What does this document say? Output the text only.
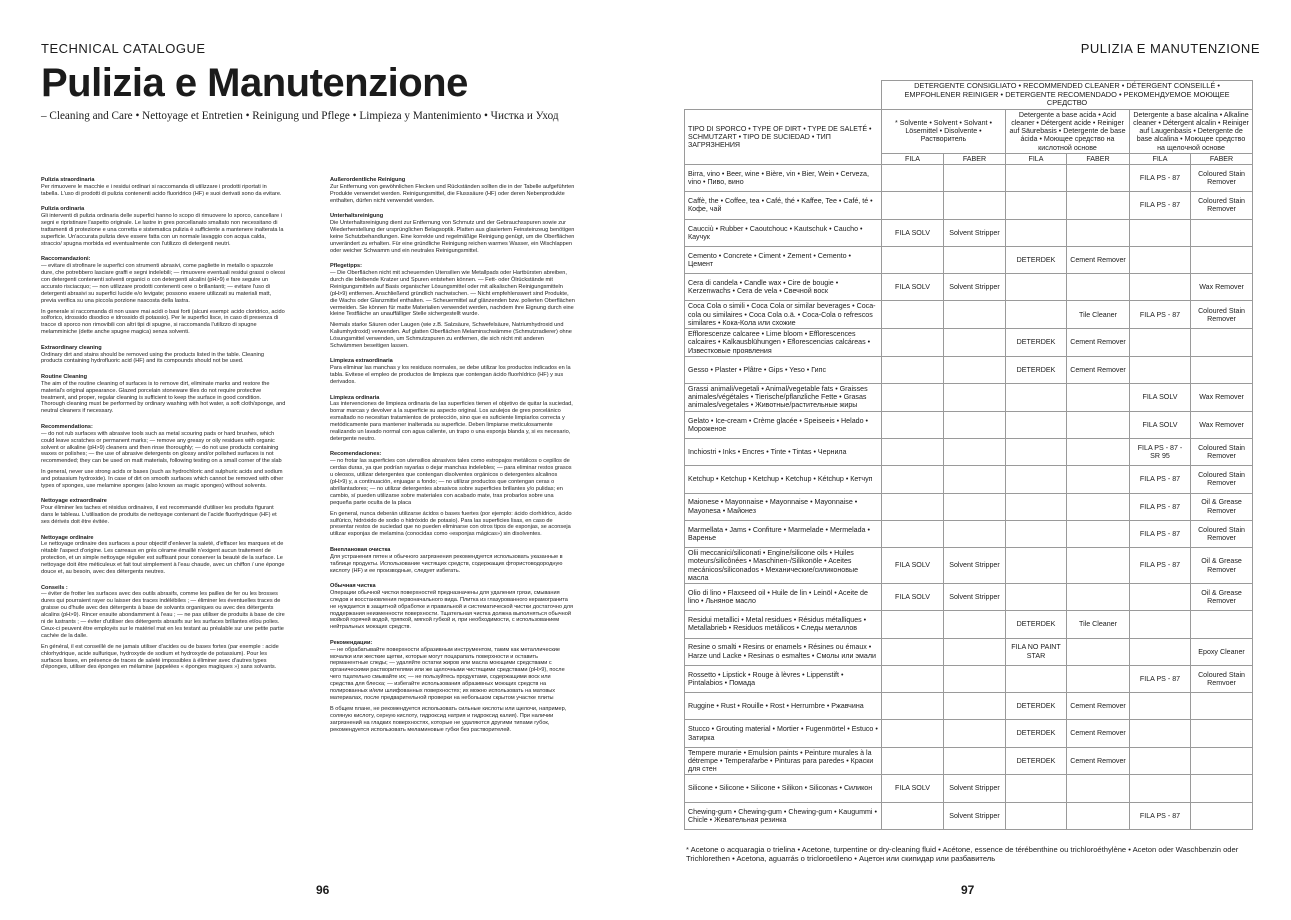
TECHNICAL CATALOGUE	PULIZIA E MANUTENZIONE
Pulizia e Manutenzione
– Cleaning and Care • Nettoyage et Entretien • Reinigung und Pflege • Limpieza y Mantenimiento • Чистка и Уход
Pulizia straordinaria

Per rimuovere le macchie e i residui ordinari si raccomanda di utilizzare i prodotti riportati in tabella. L'uso di prodotti di pulizia contenenti acido fluoridrico (HF) e suoi derivati sono da evitare.

Pulizia ordinaria

Gli interventi di pulizia ordinaria delle superfici hanno lo scopo di rimuovere lo sporco, cancellare i segni e ripristinare l'aspetto originale. Le lastre in gres porcellanato smaltato non necessitano di trattamenti di protezione e una corretta e sistematica pulizia è sufficiente a mantenere inalterata la superficie. Un'accurata pulizia deve essere fatta con un normale lavaggio con acqua calda, straccio/ spugna morbida ed eventualmente con l'utilizzo di detergenti neutri.

Raccomandazioni:

— evitare di strofinare le superfici con strumenti abrasivi, come pagliette in metallo o spazzole dure, che potrebbero lasciare graffi e segni indelebili; — rimuovere eventuali residui grassi o oleosi con detergenti contenenti solventi organici o con detergenti alcalini (pH>9) e fare seguire un accurato risciacquo; — non utilizzare prodotti contenenti cere o brillantanti; — evitare l'uso di detergenti abrasivi su superfici lucide e/o levigate; possono essere utilizzati su materiali matt, previa verifica su una piccola porzione nascosta della lastra.

In generale si raccomanda di non usare mai acidi o basi forti (alcuni esempi: acido cloridrico, acido solforico, idrossido disodico e idrossido di potassio). Per le superfici lisce, in caso di presenza di tracce di sporco non rimovibili con altri tipi di spugne, si raccomanda l'utilizzo di spugne melamminiche (dette anche spugne magica) senza solventi.

Extraordinary cleaning

Ordinary dirt and stains should be removed using the products listed in the table. Cleaning products containing hydrofluoric acid (HF) and its compounds should not be used.

Routine Cleaning

The aim of the routine cleaning of surfaces is to remove dirt, eliminate marks and restore the material's original appearance. Glazed porcelain stoneware tiles do not require protective treatment, and proper, regular cleaning is sufficient to keep the surface in good condition. Thorough cleaning must be performed by ordinary washing with hot water, a soft cloth/sponge, and neutral cleaners if necessary.

Recommendations:

— do not rub surfaces with abrasive tools such as metal scouring pads or hard brushes, which could leave scratches or permanent marks; — remove any greasy or oily residues with organic solvent or alkaline (pH>9) cleaners and then rinse thoroughly; — do not use products containing waxes or polishes; — the use of abrasive detergents on glossy and/or polished surfaces is not recommended; they can be used on matt materials, following testing on a small corner of the slab

In general, never use strong acids or bases (such as hydrochloric and sulphuric acids and sodium and potassium hydroxide). In case of dirt on smooth surfaces which cannot be removed with other types of sponges, use melamine sponges (also known as magic sponges) without solvents.

Nettoyage extraordinaire

Pour éliminer les taches et résidus ordinaires, il est recommandé d'utiliser les produits figurant dans le tableau. L'utilisation de produits de nettoyage contenant de l'acide fluorhydrique (HF) et ses dérivés doit être évitée.

Nettoyage ordinaire

Le nettoyage ordinaire des surfaces a pour objectif d'enlever la saleté, d'effacer les marques et de rétablir l'aspect d'origine. Les carreaux en grès cérame émaillé n'exigent aucun traitement de protection, et un simple nettoyage régulier est suffisant pour conserver la beauté de la surface. Le nettoyage doit être méticuleux et fait tout simplement à l'eau chaude, avec un chiffon / une éponge douce et, au besoin, avec des détergents neutres.

Conseils :

— éviter de frotter les surfaces avec des outils abrasifs, comme les pailles de fer ou les brosses dures qui pourraient rayer ou laisser des traces indélébiles ; — éliminer les éventuelles traces de graisse ou d'huile avec des détergents à base de solvants organiques ou avec des détergents alcalins (pH>9). Rincer ensuite abondamment à l'eau ; — ne pas utiliser de produits à base de cire ni de lustrants ; — éviter d'utiliser des détergents abrasifs sur les surfaces brillantes et/ou polies. Ceux-ci peuvent être employés sur le matériel mat en les testant au préalable sur une petite partie cachée de la dalle.

En général, il est conseillé de ne jamais utiliser d'acides ou de bases fortes (par exemple : acide chlorhydrique, acide sulfurique, hydroxyde de sodium et hydroxyde de potassium). Pour les surfaces lisses, en présence de traces de saleté impossibles à éliminer avec d'autres types d'éponges, utiliser des éponges en mélamine (appelées « éponges magiques ») sans solvants.

Außerordentliche Reinigung

Zur Entfernung von gewöhnlichen Flecken und Rückständen sollten die in der Tabelle aufgeführten Produkte verwendet werden. Reinigungsmittel, die Flusssäure (HF) oder deren Nebenprodukte enthalten, dürfen nicht verwendet werden.

Unterhaltsreinigung

Die Unterhaltsreinigung dient zur Entfernung von Schmutz und der Gebrauchsspuren sowie zur Wiederherstellung der ursprünglichen Belagsoptik. Platten aus glasiertem Feinsteinzeug benötigen keine Schutzbehandlungen. Eine korrekte und regelmäßige Reinigung genügt, um die Oberflächen unverändert zu erhalten. Für eine gründliche Reinigung reichen warmes Wasser, ein Wischlappen oder weicher Schwamm und ein neutrales Reinigungsmittel.

Pflegetipps:

— Die Oberflächen nicht mit scheuernden Utensilien wie Metallpads oder Hartbürsten abreiben, durch die bleibende Kratzer und Spuren entstehen können. — Fett- oder Ölrückstände mit Reinigungsmitteln auf Basis organischer Lösungsmittel oder mit alkalischen Reinigungsmitteln (pH>9) entfernen. Anschließend gründlich nachwischen. — Nicht empfehlenswert sind Produkte, die Wachs oder Glanzmittel enthalten. — Scheuermittel auf glänzenden bzw. polierten Oberflächen vermeiden. Sie können für matte Materialien verwendet werden, nachdem ihre Eignung durch eine kleine Testfläche an unauffälliger Stelle sichergestellt wurde.

Niemals starke Säuren oder Laugen (wie z.B. Salzsäure, Schwefelsäure, Natriumhydroxid und Kaliumhydroxid) verwenden. Auf glatten Oberflächen Melaminschwämme (Schmutzradierer) ohne Lösungsmittel verwenden, um Schmutzspuren zu entfernen, die sich nicht mit anderen Schwämmen beseitigen lassen.

Limpieza extraordinaria

Para eliminar las manchas y los residuos normales, se debe utilizar los productos indicados en la tabla. Evitese el empleo de productos de limpieza que contengan ácido fluorhídrico (HF) y sus derivados.

Limpieza ordinaria

Las intervenciones de limpieza ordinaria de las superficies tienen el objetivo de quitar la suciedad, borrar marcas y devolver a la superficie su aspecto original. Los azulejos de gres porcelánico esmaltado no necesitan tratamientos de protección, sino que es suficiente limpiarlos correcta y metódicamente para mantener inalterada su superficie. Deben limpiarse meticulosamente realizando un lavado normal con agua caliente, un trapo o una esponja blanda y, si es necesario, detergente neutro.

Recomendaciones:

— no frotar las superficies con utensilios abrasivos tales como estropajos metálicos o cepillos de cerdas duras, ya que podrían rayarlas o dejar manchas indelebles; — para eliminar restos grasos u oleosos, utilizar detergentes que contengan disolventes orgánicos o detergentes alcalinos (pH>9) y, a continuación, enjuagar a fondo; — no utilizar productos que contengan ceras o abrillantadores; — no utilizar detergentes abrasivos sobre superficies brillantes y/o pulidas; en cambio, sí pueden utilizarse sobre materiales con acabado mate, tras probarlos sobre una pequeña parte oculta de la placa

En general, nunca deberán utilizarse ácidos o bases fuertes (por ejemplo: ácido clorhídrico, ácido sulfúrico, hidróxido de sodio o hidróxido de potasio). Para las superficies lisas, en caso de presentar restos de suciedad que no pueden eliminarse con otros tipos de esponjas, se aconseja utilizar esponjas de melamina (conocidas como «esponjas mágicas») sin disolventes.

Внеплановая очистка

Для устранения пятен и обычного загрязнения рекомендуется использовать указанные в таблице продукты. Использование чистящих средств, содержащих фтористоводородную кислоту (HF) и ее производные, следует избегать.

Обычная чистка

Операции обычной чистки поверхностей предназначены для удаления грязи, смывания следов и восстановления первоначального вида. Плитка из глазурованного керамогранита не нуждается в защитной обработке и правильной и систематической чистки достаточно для поддержания неизменности поверхности. Тщательная чистка должна выполняться обычной мойкой горячей водой, тряпкой, мягкой губкой и, при необходимости, с использованием нейтральных моющих средств.

Рекомендации:

— не обрабатывайте поверхности абразивным инструментом, таким как металлические мочалки или жесткие щетки, которые могут поцарапать поверхности и оставить перманентные следы; — удаляйте остатки жиров или масла моющими средствами с органическими растворителями или же щелочными чистящими средствами (pH>9), после чего тщательно смывайте их; — не пользуйтесь продуктами, содержащими воск или средства для блеска; — избегайте использования абразивных моющих средств на полированных и/или шлифованных поверхностях; их можно использовать на матовых материалах, после предварительной проверки на небольшом скрытом участке плиты

В общем плане, не рекомендуется использовать сильные кислоты или щелочи, например, соляную кислоту, серную кислоту, гидроксид натрия и гидроксид калия). При наличии загрязнений на гладких поверхностях, которые не удаляются другими типами губок, рекомендуется использовать меламиновые губки без растворителей.

	DETERGENTE CONSIGLIATO • RECOMMENDED CLEANER • DÉTERGENT CONSEILLÉ • EMPFOHLENER REINIGER • DETERGENTE RECOMENDADO • РЕКОМЕНДУЕМОЕ МОЮЩЕЕ СРЕДСТВО					
TIPO DI SPORCO • TYPE OF DIRT • TYPE DE SALETÉ • SCHMUTZART • TIPO DE SUCIEDAD • ТИП ЗАГРЯЗНЕНИЯ	* Solvente • Solvent • Solvant • Lösemittel • Disolvente • Растворитель		Detergente a base acida • Acid cleaner • Détergent acide • Reiniger auf Säurebasis • Detergente de base ácida • Моющее средство на кислотной основе		Detergente a base alcalina • Alkaline cleaner • Détergent alcalin • Reiniger auf Laugenbasis • Detergente de base alcalina • Моющее средство на щелочной основе	
	FILA	FABER	FILA	FABER	FILA	FABER
Birra, vino • Beer, wine • Bière, vin • Bier, Wein • Cerveza, vino • Пиво, вино					FILA PS - 87	Coloured Stain Remover
Caffè, the • Coffee, tea • Café, thé • Kaffee, Tee • Café, té • Кофе, чай					FILA PS - 87	Coloured Stain Remover
Caucciù • Rubber • Caoutchouc • Kautschuk • Caucho • Каучук	FILA SOLV	Solvent Stripper				
Cemento • Concrete • Ciment • Zement • Cemento • Цемент			DETERDEK	Cement Remover		
Cera di candela • Candle wax • Cire de bougie • Kerzenwachs • Cera de vela • Свечной воск	FILA SOLV	Solvent Stripper				Wax Remover
Coca Cola o simili • Coca Cola or similar beverages • Coca-cola ou similaires • Coca Cola o.ä. • Coca-Cola o refrescos similares • Кока-Кола или схожие				Tile Cleaner	FILA PS - 87	Coloured Stain Remover
Efflorescenze calcaree • Lime bloom • Efflorescences calcaires • Kalkausblühungen • Eflorescencias calcáreas • Известковые проявления			DETERDEK	Cement Remover		
Gesso • Plaster • Plâtre • Gips • Yeso • Гипс			DETERDEK	Cement Remover		
Grassi animali/vegetali • Animal/vegetable fats • Graisses animales/végétales • Tierische/pflanzliche Fette • Grasas animales/vegetales • Животные/растительные жиры					FILA SOLV	Wax Remover
Gelato • Ice-cream • Crème glacée • Speiseeis • Helado • Мороженое					FILA SOLV	Wax Remover
Inchiostri • Inks • Encres • Tinte • Tintas • Чернила					FILA PS - 87 - SR 95	Coloured Stain Remover
Ketchup • Ketchup • Ketchup • Ketchup • Kétchup • Кетчуп					FILA PS - 87	Coloured Stain Remover
Maionese • Mayonnaise • Mayonnaise • Mayonnaise • Mayonesa • Майонез					FILA PS - 87	Oil & Grease Remover
Marmellata • Jams • Confiture • Marmelade • Mermelada • Варенье					FILA PS - 87	Coloured Stain Remover
Olii meccanici/siliconati • Engine/silicone oils • Huiles moteurs/silicônées • Maschinen-/Silikonöle • Aceites mecánicos/siliconados • Механические/силиконовые масла	FILA SOLV	Solvent Stripper			FILA PS - 87	Oil & Grease Remover
Olio di lino • Flaxseed oil • Huile de lin • Leinöl • Aceite de lino • Льняное масло	FILA SOLV	Solvent Stripper				Oil & Grease Remover
Residui metallici • Metal residues • Résidus métalliques • Metallabrieb • Residuos metálicos • Следы металлов			DETERDEK	Tile Cleaner		
Resine o smalti • Resins or enamels • Résines ou émaux • Harze und Lacke • Resinas o esmaltes • Смолы или эмали			FILA NO PAINT STAR			Epoxy Cleaner
Rossetto • Lipstick • Rouge à lèvres • Lippenstift • Pintalabios • Помада					FILA PS - 87	Coloured Stain Remvoer
Ruggine • Rust • Rouille • Rost • Herrumbre • Ржавчина			DETERDEK	Cement Remover		
Stucco • Grouting material • Mortier • Fugenmörtel • Estuco • Затирка			DETERDEK	Cement Remover		
Tempere murarie • Emulsion paints • Peinture murales à la détrempe • Temperafarbe • Pinturas para paredes • Краски для стен			DETERDEK	Cement Remover		
Silicone • Silicone • Silicone • Silikon • Siliconas • Силикон	FILA SOLV	Solvent Stripper				
Chewing-gum • Chewing-gum • Chewing-gum • Kaugummi • Chicle • Жевательная резинка		Solvent Stripper			FILA PS - 87	
* Acetone o acquaragia o trielina • Acetone, turpentine or dry-cleaning fluid • Acétone, essence de térébenthine ou trichloroéthylène • Aceton oder Waschbenzin oder Trichlorethen • Acetona, aguarrás o tricloroetileno • Ацетон или скипидар или разбавитель
96	97
